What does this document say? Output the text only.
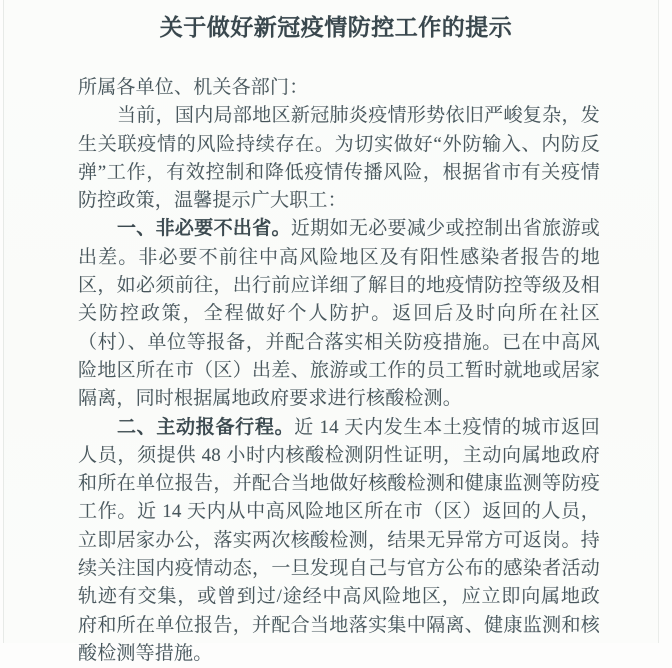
关于做好新冠疫情防控工作的提示

所属各单位、机关各部门：

当前，国内局部地区新冠肺炎疫情形势依旧严峻复杂，发生关联疫情的风险持续存在。为切实做好“外防输入、内防反弹”工作，有效控制和降低疫情传播风险，根据省市有关疫情防控政策，温馨提示广大职工：

一、非必要不出省。近期如无必要减少或控制出省旅游或出差。非必要不前往中高风险地区及有阳性感染者报告的地区，如必须前往，出行前应详细了解目的地疫情防控等级及相关防控政策，全程做好个人防护。返回后及时向所在社区（村）、单位等报备，并配合落实相关防疫措施。已在中高风险地区所在市（区）出差、旅游或工作的员工暂时就地或居家隔离，同时根据属地政府要求进行核酸检测。

二、主动报备行程。近 14 天内发生本土疫情的城市返回人员，须提供 48 小时内核酸检测阴性证明，主动向属地政府和所在单位报告，并配合当地做好核酸检测和健康监测等防疫工作。近 14 天内从中高风险地区所在市（区）返回的人员，立即居家办公，落实两次核酸检测，结果无异常方可返岗。持续关注国内疫情动态，一旦发现自己与官方公布的感染者活动轨迹有交集，或曾到过/途经中高风险地区，应立即向属地政府和所在单位报告，并配合当地落实集中隔离、健康监测和核酸检测等措施。
